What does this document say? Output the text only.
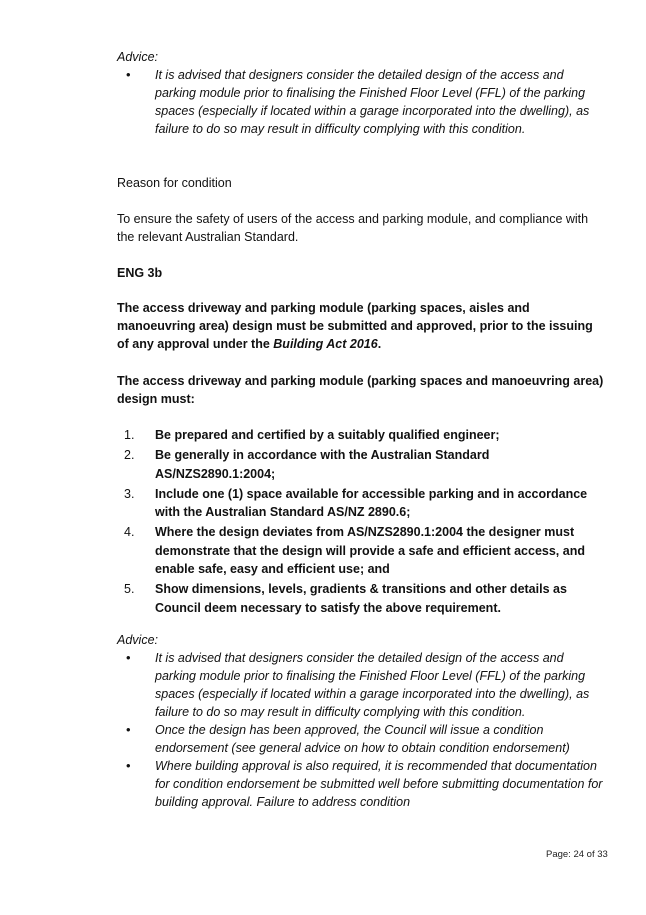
Advice:

• It is advised that designers consider the detailed design of the access and parking module prior to finalising the Finished Floor Level (FFL) of the parking spaces (especially if located within a garage incorporated into the dwelling), as failure to do so may result in difficulty complying with this condition.

Reason for condition

To ensure the safety of users of the access and parking module, and compliance with the relevant Australian Standard.

ENG 3b

The access driveway and parking module (parking spaces, aisles and manoeuvring area) design must be submitted and approved, prior to the issuing of any approval under the Building Act 2016.

The access driveway and parking module (parking spaces and manoeuvring area) design must:

1. Be prepared and certified by a suitably qualified engineer;
2. Be generally in accordance with the Australian Standard AS/NZS2890.1:2004;
3. Include one (1) space available for accessible parking and in accordance with the Australian Standard AS/NZ 2890.6;
4. Where the design deviates from AS/NZS2890.1:2004 the designer must demonstrate that the design will provide a safe and efficient access, and enable safe, easy and efficient use; and
5. Show dimensions, levels, gradients & transitions and other details as Council deem necessary to satisfy the above requirement.

Advice:

• It is advised that designers consider the detailed design of the access and parking module prior to finalising the Finished Floor Level (FFL) of the parking spaces (especially if located within a garage incorporated into the dwelling), as failure to do so may result in difficulty complying with this condition.
• Once the design has been approved, the Council will issue a condition endorsement (see general advice on how to obtain condition endorsement)
• Where building approval is also required, it is recommended that documentation for condition endorsement be submitted well before submitting documentation for building approval. Failure to address condition
Page: 24 of 33
